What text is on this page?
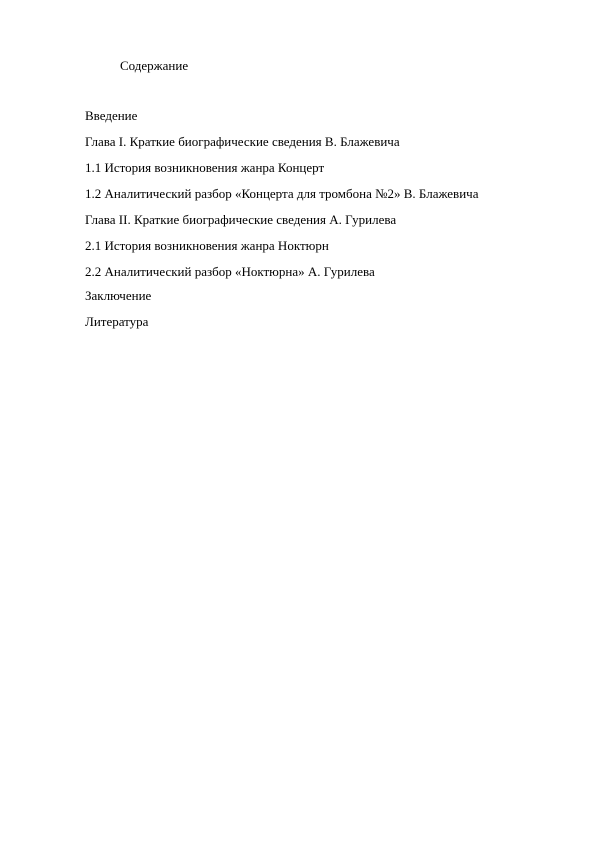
Содержание
Введение
Глава I. Краткие биографические сведения В. Блажевича
1.1 История возникновения жанра Концерт
1.2 Аналитический разбор «Концерта для тромбона №2» В. Блажевича
Глава II. Краткие биографические сведения А. Гурилева
2.1 История возникновения жанра Ноктюрн
2.2 Аналитический разбор «Ноктюрна» А. Гурилева
Заключение
Литература
